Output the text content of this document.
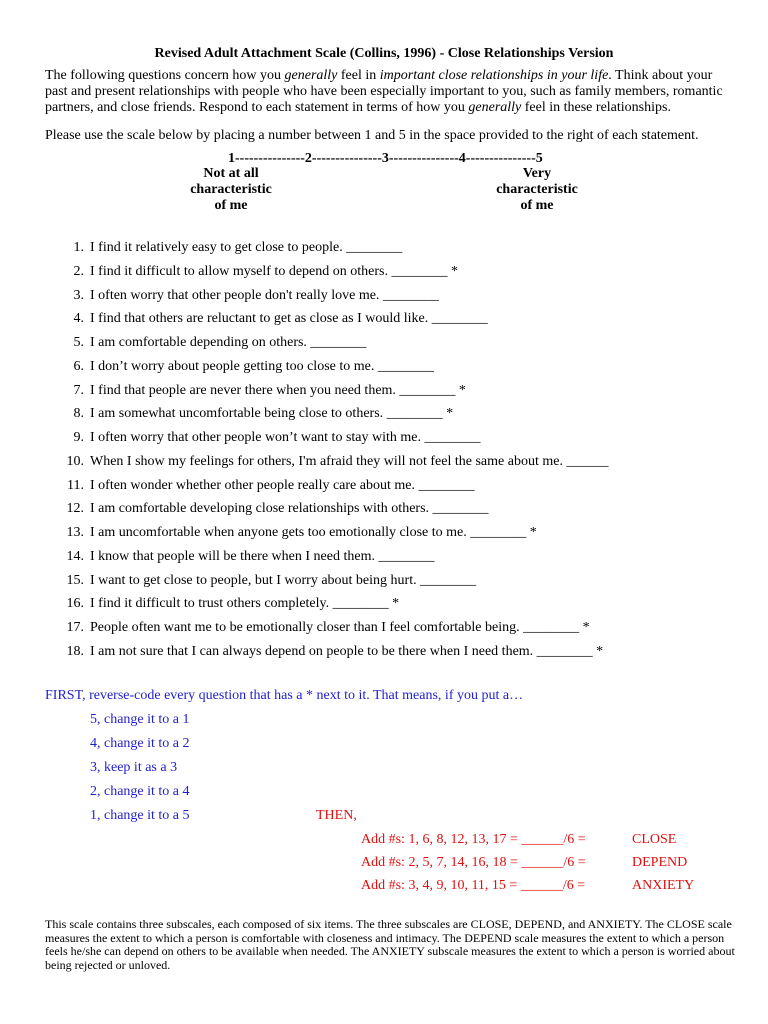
Revised Adult Attachment Scale (Collins, 1996) - Close Relationships Version
The following questions concern how you generally feel in important close relationships in your life. Think about your past and present relationships with people who have been especially important to you, such as family members, romantic partners, and close friends. Respond to each statement in terms of how you generally feel in these relationships.
Please use the scale below by placing a number between 1 and 5 in the space provided to the right of each statement.
1---------------2---------------3---------------4---------------5
Not at all
characteristic
of me
Very
characteristic
of me
1. I find it relatively easy to get close to people. ________
2. I find it difficult to allow myself to depend on others. ________ *
3. I often worry that other people don't really love me. ________
4. I find that others are reluctant to get as close as I would like. ________
5. I am comfortable depending on others. ________
6. I don’t worry about people getting too close to me. ________
7. I find that people are never there when you need them. ________ *
8. I am somewhat uncomfortable being close to others. ________ *
9. I often worry that other people won’t want to stay with me. ________
10. When I show my feelings for others, I'm afraid they will not feel the same about me. ______
11. I often wonder whether other people really care about me. ________
12. I am comfortable developing close relationships with others. ________
13. I am uncomfortable when anyone gets too emotionally close to me. ________ *
14. I know that people will be there when I need them. ________
15. I want to get close to people, but I worry about being hurt. ________
16. I find it difficult to trust others completely. ________ *
17. People often want me to be emotionally closer than I feel comfortable being. ________ *
18. I am not sure that I can always depend on people to be there when I need them. ________ *
FIRST, reverse-code every question that has a * next to it. That means, if you put a…
5, change it to a 1
4, change it to a 2
3, keep it as a 3
2, change it to a 4
1, change it to a 5	THEN,
Add #s: 1, 6, 8, 12, 13, 17 = ______/6 =	CLOSE
Add #s: 2, 5, 7, 14, 16, 18 = ______/6 =	DEPEND
Add #s: 3, 4, 9, 10, 11, 15 = ______/6 =	ANXIETY
This scale contains three subscales, each composed of six items. The three subscales are CLOSE, DEPEND, and ANXIETY. The CLOSE scale measures the extent to which a person is comfortable with closeness and intimacy. The DEPEND scale measures the extent to which a person feels he/she can depend on others to be available when needed. The ANXIETY subscale measures the extent to which a person is worried about being rejected or unloved.
